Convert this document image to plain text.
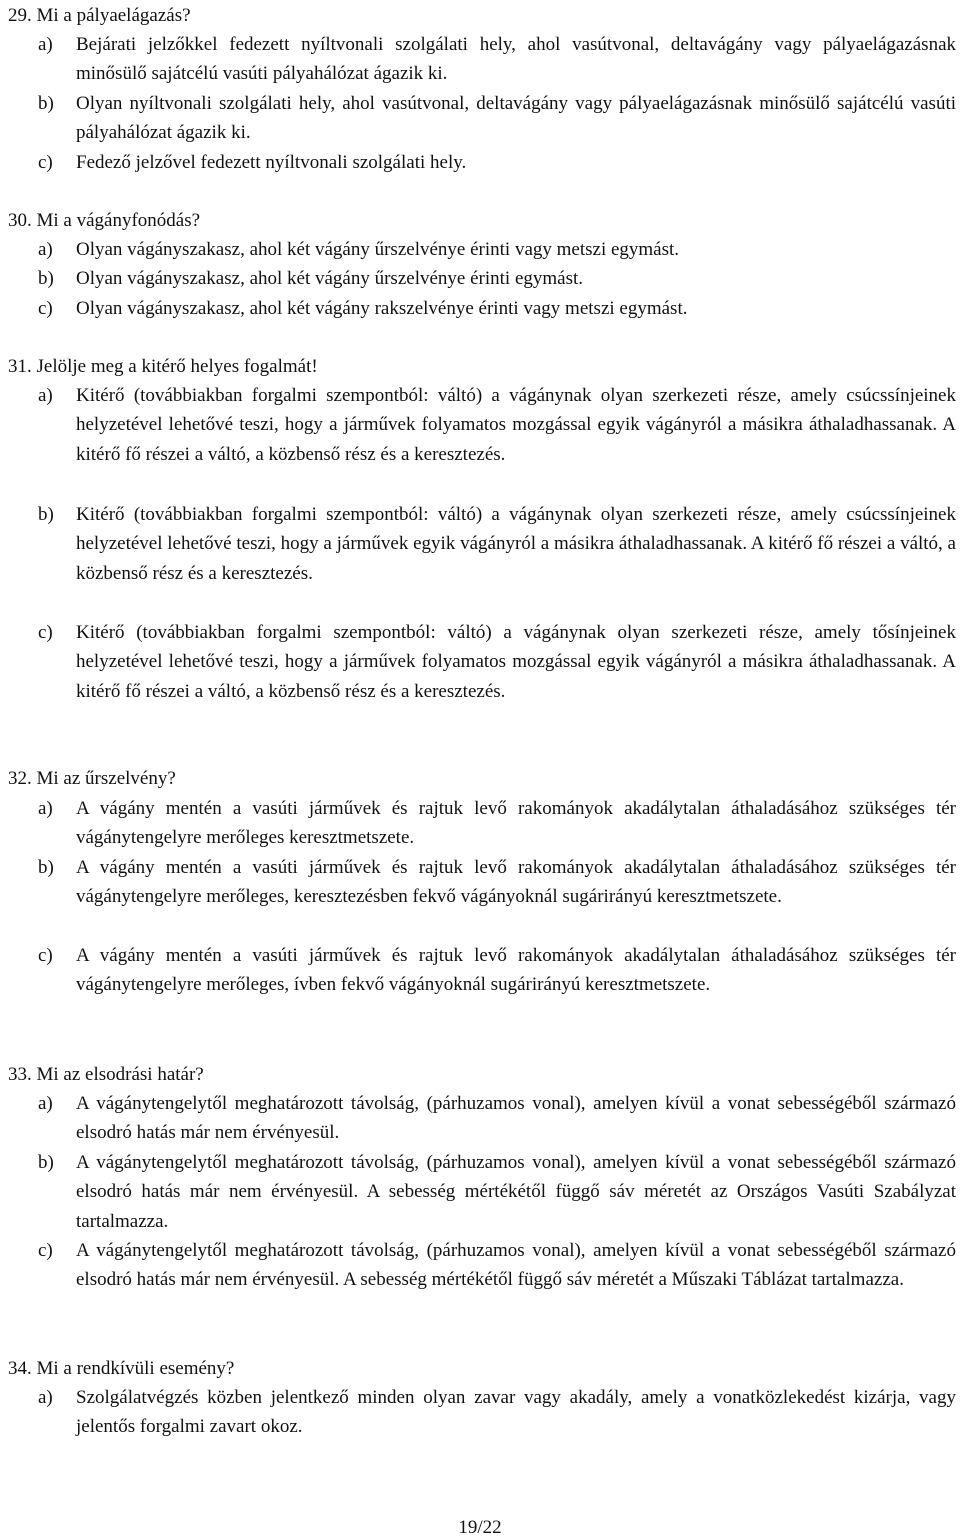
29. Mi a pályaelágazás?
a)	Bejárati jelzőkkel fedezett nyíltvonali szolgálati hely, ahol vasútvonal, deltavágány vagy pályaelágazásnak minősülő sajátcélú vasúti pályahálózat ágazik ki.
b)	Olyan nyíltvonali szolgálati hely, ahol vasútvonal, deltavágány vagy pályaelágazásnak minősülő sajátcélú vasúti pályahálózat ágazik ki.
c)	Fedező jelzővel fedezett nyíltvonali szolgálati hely.
30. Mi a vágányfonódás?
a)	Olyan vágányszakasz, ahol két vágány űrszelvénye érinti vagy metszi egymást.
b)	Olyan vágányszakasz, ahol két vágány űrszelvénye érinti egymást.
c)	Olyan vágányszakasz, ahol két vágány rakszelvénye érinti vagy metszi egymást.
31. Jelölje meg a kitérő helyes fogalmát!
a)	Kitérő (továbbiakban forgalmi szempontból: váltó) a vágánynak olyan szerkezeti része, amely csúcssínjeinek helyzetével lehetővé teszi, hogy a járművek folyamatos mozgással egyik vágányról a másikra áthaladhassanak. A kitérő fő részei a váltó, a közbenső rész és a keresztezés.
b)	Kitérő (továbbiakban forgalmi szempontból: váltó) a vágánynak olyan szerkezeti része, amely csúcssínjeinek helyzetével lehetővé teszi, hogy a járművek egyik vágányról a másikra áthaladhassanak. A kitérő fő részei a váltó, a közbenső rész és a keresztezés.
c)	Kitérő (továbbiakban forgalmi szempontból: váltó) a vágánynak olyan szerkezeti része, amely tősínjeinek helyzetével lehetővé teszi, hogy a járművek folyamatos mozgással egyik vágányról a másikra áthaladhassanak. A kitérő fő részei a váltó, a közbenső rész és a keresztezés.
32. Mi az űrszelvény?
a)	A vágány mentén a vasúti járművek és rajtuk levő rakományok akadálytalan áthaladásához szükséges tér vágánytengelyre merőleges keresztmetszete.
b)	A vágány mentén a vasúti járművek és rajtuk levő rakományok akadálytalan áthaladásához szükséges tér vágánytengelyre merőleges, keresztezésben fekvő vágányoknál sugárirányú keresztmetszete.
c)	A vágány mentén a vasúti járművek és rajtuk levő rakományok akadálytalan áthaladásához szükséges tér vágánytengelyre merőleges, ívben fekvő vágányoknál sugárirányú keresztmetszete.
33. Mi az elsodrási határ?
a)	A vágánytengelytől meghatározott távolság, (párhuzamos vonal), amelyen kívül a vonat sebességéből származó elsodró hatás már nem érvényesül.
b)	A vágánytengelytől meghatározott távolság, (párhuzamos vonal), amelyen kívül a vonat sebességéből származó elsodró hatás már nem érvényesül. A sebesség mértékétől függő sáv méretét az Országos Vasúti Szabályzat tartalmazza.
c)	A vágánytengelytől meghatározott távolság, (párhuzamos vonal), amelyen kívül a vonat sebességéből származó elsodró hatás már nem érvényesül. A sebesség mértékétől függő sáv méretét a Műszaki Táblázat tartalmazza.
34. Mi a rendkívüli esemény?
a)	Szolgálatvégzés közben jelentkező minden olyan zavar vagy akadály, amely a vonatközlekedést kizárja, vagy jelentős forgalmi zavart okoz.
19/22
